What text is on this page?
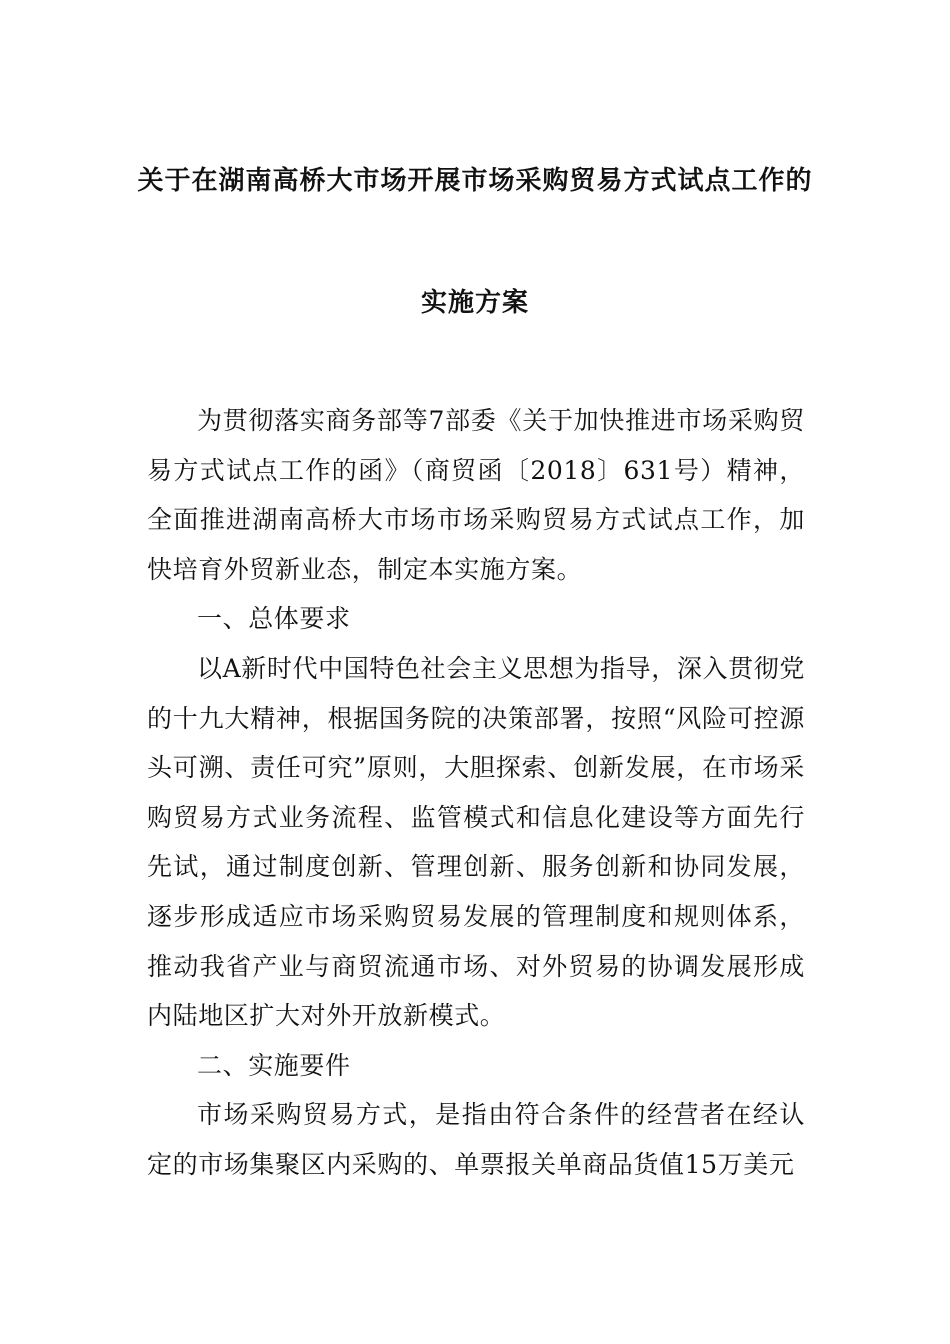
关于在湖南高桥大市场开展市场采购贸易方式试点工作的
实施方案

为贯彻落实商务部等7部委《关于加快推进市场采购贸易方式试点工作的函》（商贸函〔2018〕631号）精神，全面推进湖南高桥大市场市场采购贸易方式试点工作，加快培育外贸新业态，制定本实施方案。

一、总体要求

以A新时代中国特色社会主义思想为指导，深入贯彻党的十九大精神，根据国务院的决策部署，按照“风险可控源头可溯、责任可究”原则，大胆探索、创新发展，在市场采购贸易方式业务流程、监管模式和信息化建设等方面先行先试，通过制度创新、管理创新、服务创新和协同发展，逐步形成适应市场采购贸易发展的管理制度和规则体系，推动我省产业与商贸流通市场、对外贸易的协调发展形成内陆地区扩大对外开放新模式。

二、实施要件

市场采购贸易方式，是指由符合条件的经营者在经认定的市场集聚区内采购的、单票报关单商品货值15万美元
